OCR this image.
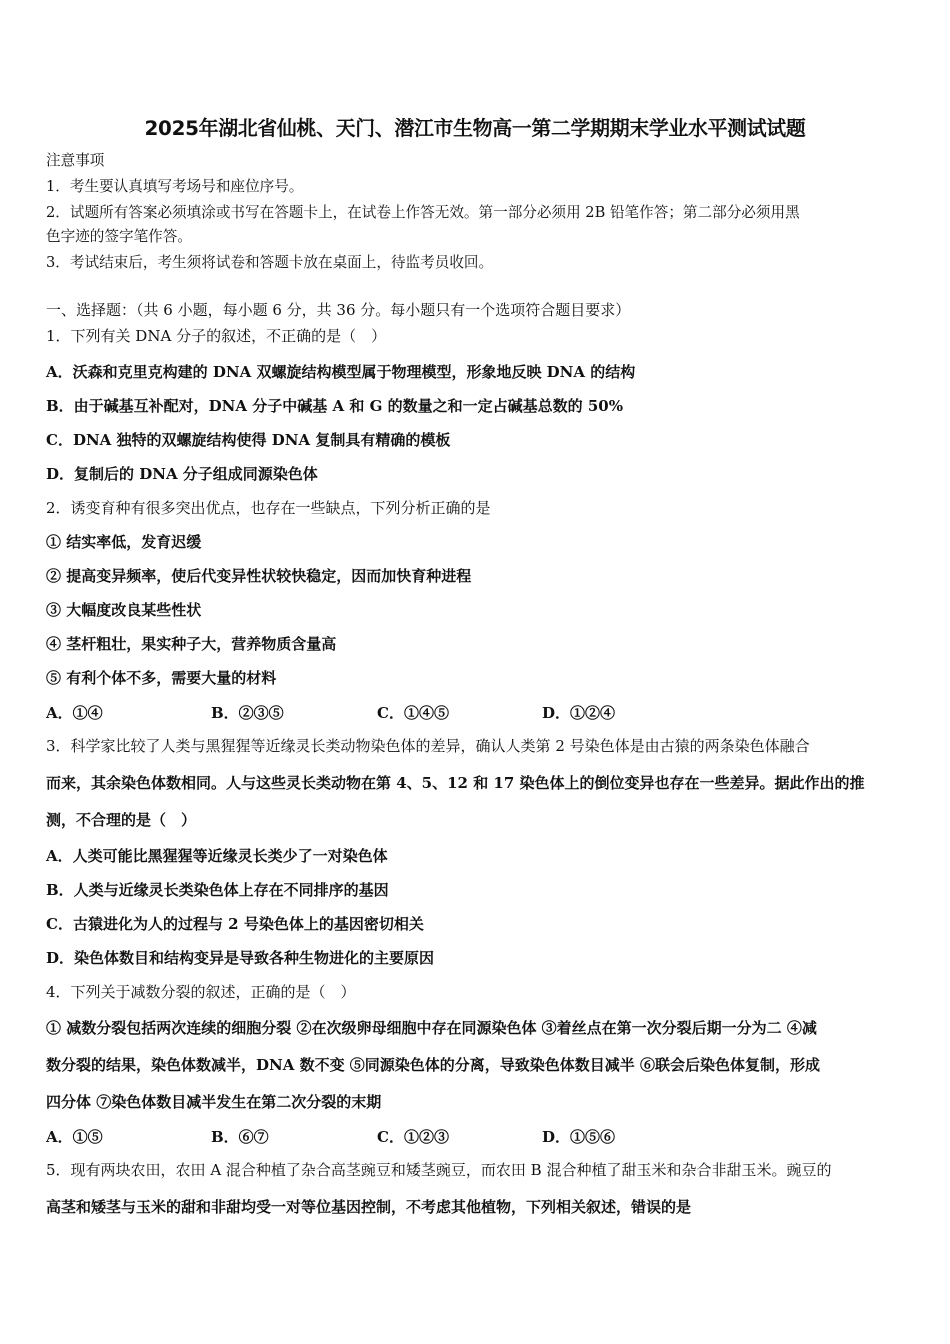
2025年湖北省仙桃、天门、潜江市生物高一第二学期期末学业水平测试试题
注意事项
1．考生要认真填写考场号和座位序号。
2．试题所有答案必须填涂或书写在答题卡上，在试卷上作答无效。第一部分必须用 2B 铅笔作答；第二部分必须用黑
色字迹的签字笔作答。
3．考试结束后，考生须将试卷和答题卡放在桌面上，待监考员收回。
一、选择题：（共 6 小题，每小题 6 分，共 36 分。每小题只有一个选项符合题目要求）
1．下列有关 DNA 分子的叙述，不正确的是（　）
A．沃森和克里克构建的 DNA 双螺旋结构模型属于物理模型，形象地反映 DNA 的结构
B．由于碱基互补配对，DNA 分子中碱基 A 和 G 的数量之和一定占碱基总数的 50%
C．DNA 独特的双螺旋结构使得 DNA 复制具有精确的模板
D．复制后的 DNA 分子组成同源染色体
2．诱变育种有很多突出优点，也存在一些缺点，下列分析正确的是
① 结实率低，发育迟缓
② 提高变异频率，使后代变异性状较快稳定，因而加快育种进程
③ 大幅度改良某些性状
④ 茎杆粗壮，果实种子大，营养物质含量高
⑤ 有利个体不多，需要大量的材料
A．①④	B．②③⑤	C．①④⑤	D．①②④
3．科学家比较了人类与黑猩猩等近缘灵长类动物染色体的差异，确认人类第 2 号染色体是由古猿的两条染色体融合
而来，其余染色体数相同。人与这些灵长类动物在第 4、5、12 和 17 染色体上的倒位变异也存在一些差异。据此作出的推
测，不合理的是（　）
A．人类可能比黑猩猩等近缘灵长类少了一对染色体
B．人类与近缘灵长类染色体上存在不同排序的基因
C．古猿进化为人的过程与 2 号染色体上的基因密切相关
D．染色体数目和结构变异是导致各种生物进化的主要原因
4．下列关于减数分裂的叙述，正确的是（　）
① 减数分裂包括两次连续的细胞分裂 ②在次级卵母细胞中存在同源染色体 ③着丝点在第一次分裂后期一分为二 ④减
数分裂的结果，染色体数减半，DNA 数不变 ⑤同源染色体的分离，导致染色体数目减半 ⑥联会后染色体复制，形成
四分体 ⑦染色体数目减半发生在第二次分裂的末期
A．①⑤	B．⑥⑦	C．①②③	D．①⑤⑥
5．现有两块农田，农田 A 混合种植了杂合高茎豌豆和矮茎豌豆，而农田 B 混合种植了甜玉米和杂合非甜玉米。豌豆的
高茎和矮茎与玉米的甜和非甜均受一对等位基因控制，不考虑其他植物，下列相关叙述，错误的是
